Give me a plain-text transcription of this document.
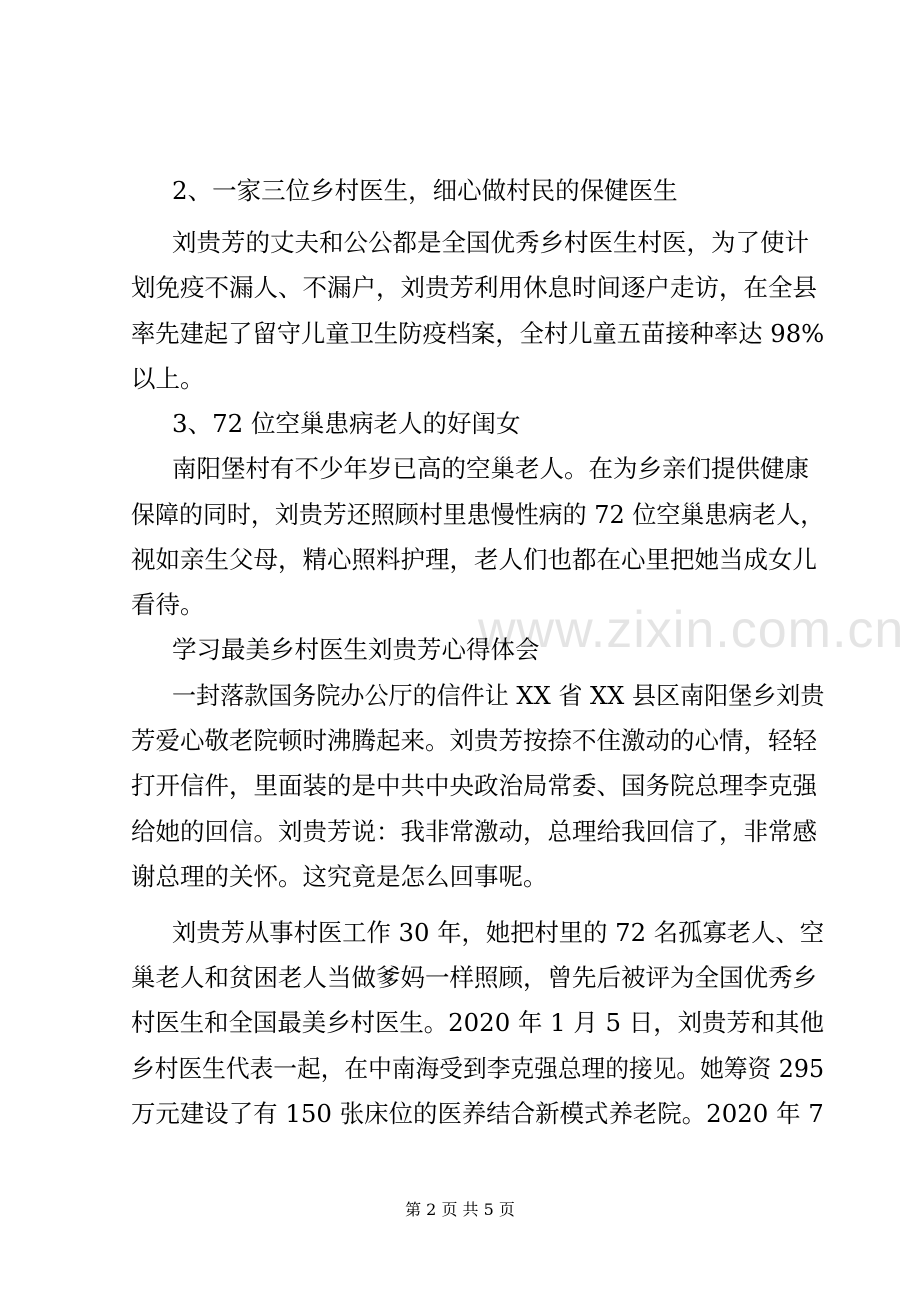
www.zixin.com.cn
2、一家三位乡村医生，细心做村民的保健医生
刘贵芳的丈夫和公公都是全国优秀乡村医生村医，为了使计
划免疫不漏人、不漏户，刘贵芳利用休息时间逐户走访，在全县
率先建起了留守儿童卫生防疫档案，全村儿童五苗接种率达 98%
以上。
3、72 位空巢患病老人的好闺女
南阳堡村有不少年岁已高的空巢老人。在为乡亲们提供健康
保障的同时，刘贵芳还照顾村里患慢性病的 72 位空巢患病老人，
视如亲生父母，精心照料护理，老人们也都在心里把她当成女儿
看待。
学习最美乡村医生刘贵芳心得体会
一封落款国务院办公厅的信件让 XX 省 XX 县区南阳堡乡刘贵
芳爱心敬老院顿时沸腾起来。刘贵芳按捺不住激动的心情，轻轻
打开信件，里面装的是中共中央政治局常委、国务院总理李克强
给她的回信。刘贵芳说：我非常激动，总理给我回信了，非常感
谢总理的关怀。这究竟是怎么回事呢。
刘贵芳从事村医工作 30 年，她把村里的 72 名孤寡老人、空
巢老人和贫困老人当做爹妈一样照顾，曾先后被评为全国优秀乡
村医生和全国最美乡村医生。2020 年 1 月 5 日，刘贵芳和其他
乡村医生代表一起，在中南海受到李克强总理的接见。她筹资 295
万元建设了有 150 张床位的医养结合新模式养老院。2020 年 7
第 2 页 共 5 页
